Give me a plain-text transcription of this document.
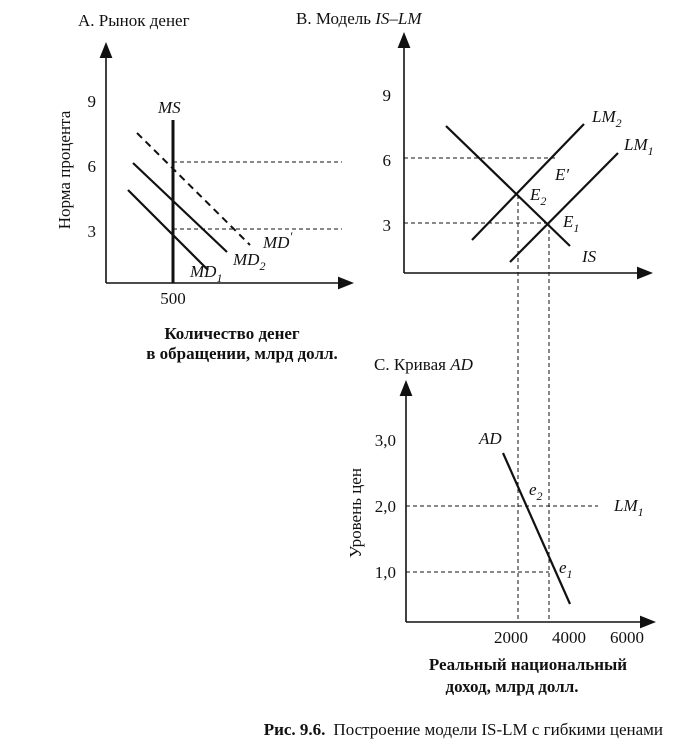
А. Рынок денег
Норма процента
9
6
3
500
MS
MD′
$MD_2$
$MD_1$
Количество денег
в обращении, млрд долл.
В. Модель IS–LM
9
6
3
$LM_2$
$LM_1$
IS
E′
$E_2$
$E_1$
С. Кривая AD
Уровень цен
3,0
2,0
1,0
2000 4000 6000
AD
$LM_1$
$e_2$
$e_1$
Реальный национальный
доход, млрд долл.
Рис. 9.6. Построение модели IS-LM с гибкими ценами
